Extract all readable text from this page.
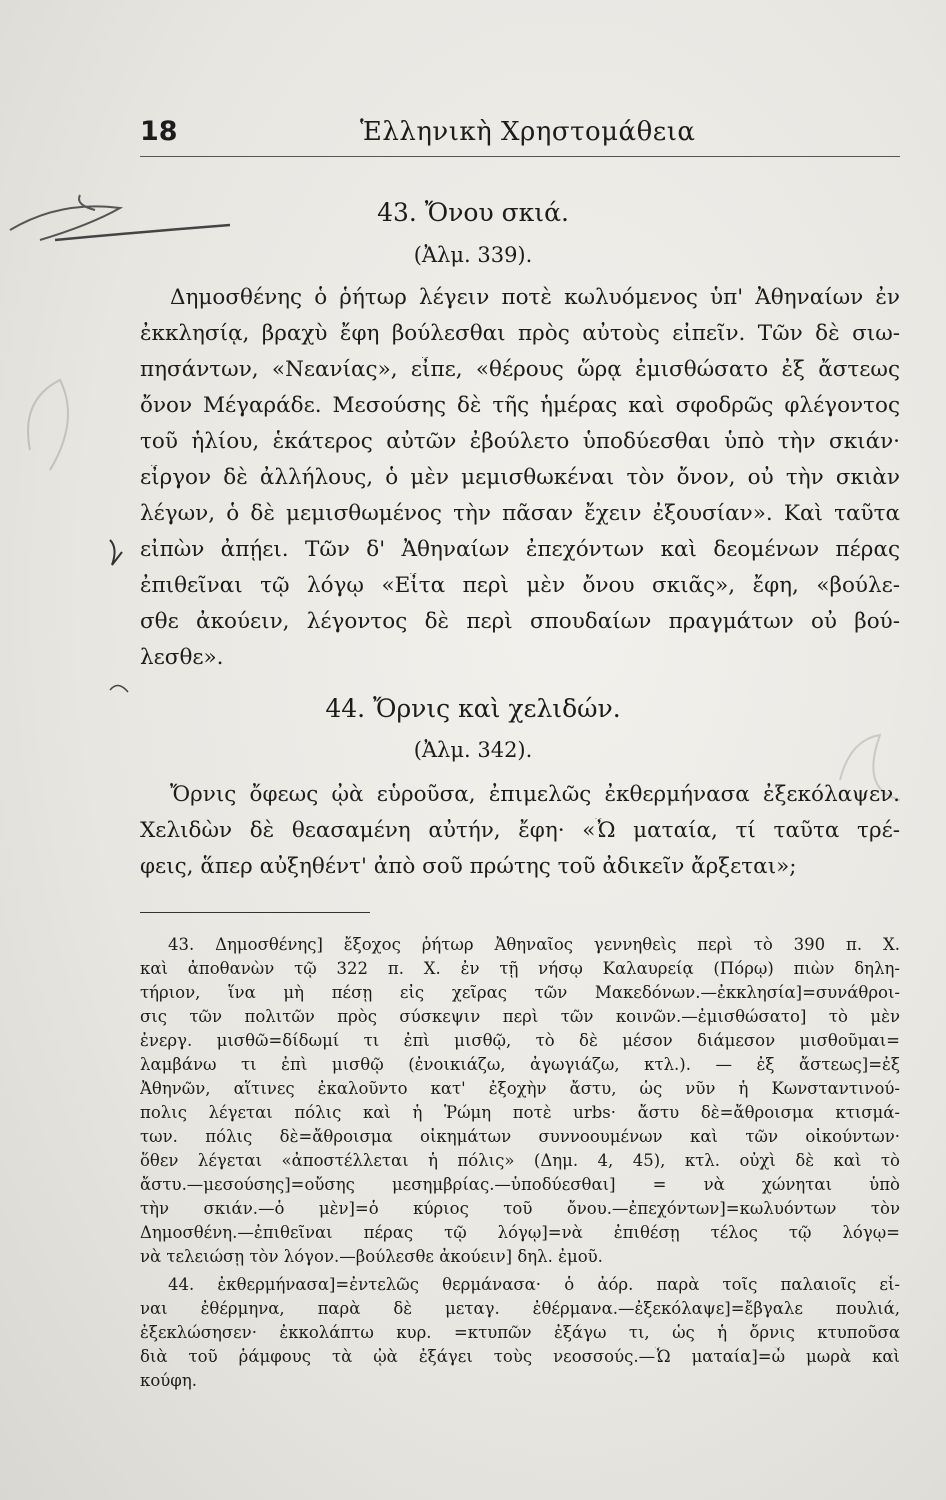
18	Ἑλληνικὴ Χρηστομάθεια
43. Ὄνου σκιά.
(Ἀλμ. 339).
Δημοσθένης ὁ ῥήτωρ λέγειν ποτὲ κωλυόμενος ὑπ' Ἀθηναίων ἐν
ἐκκλησίᾳ, βραχὺ ἔφη βούλεσθαι πρὸς αὐτοὺς εἰπεῖν. Τῶν δὲ σιω-
πησάντων, «Νεανίας», εἶπε, «θέρους ὥρᾳ ἐμισθώσατο ἐξ ἄστεως
ὄνον Μέγαράδε. Μεσούσης δὲ τῆς ἡμέρας καὶ σφοδρῶς φλέγοντος
τοῦ ἡλίου, ἑκάτερος αὐτῶν ἐβούλετο ὑποδύεσθαι ὑπὸ τὴν σκιάν·
εἶργον δὲ ἀλλήλους, ὁ μὲν μεμισθωκέναι τὸν ὄνον, οὐ τὴν σκιὰν
λέγων, ὁ δὲ μεμισθωμένος τὴν πᾶσαν ἔχειν ἐξουσίαν». Καὶ ταῦτα
εἰπὼν ἀπῄει. Τῶν δ' Ἀθηναίων ἐπεχόντων καὶ δεομένων πέρας
ἐπιθεῖναι τῷ λόγῳ «Εἶτα περὶ μὲν ὄνου σκιᾶς», ἔφη, «βούλε-
σθε ἀκούειν, λέγοντος δὲ περὶ σπουδαίων πραγμάτων οὐ βού-
λεσθε».
44. Ὄρνις καὶ χελιδών.
(Ἀλμ. 342).
Ὄρνις ὄφεως ᾠὰ εὑροῦσα, ἐπιμελῶς ἐκθερμήνασα ἐξεκόλαψεν.
Χελιδὼν δὲ θεασαμένη αὐτήν, ἔφη· «Ὦ ματαία, τί ταῦτα τρέ-
φεις, ἅπερ αὐξηθέντ' ἀπὸ σοῦ πρώτης τοῦ ἀδικεῖν ἄρξεται»;
43. Δημοσθένης] ἔξοχος ῥήτωρ Ἀθηναῖος γεννηθεὶς περὶ τὸ 390 π. Χ.
καὶ ἀποθανὼν τῷ 322 π. Χ. ἐν τῇ νήσῳ Καλαυρείᾳ (Πόρῳ) πιὼν δηλη-
τήριον, ἵνα μὴ πέσῃ εἰς χεῖρας τῶν Μακεδόνων.—ἐκκλησία]=συνάθροι-
σις τῶν πολιτῶν πρὸς σύσκεψιν περὶ τῶν κοινῶν.—ἐμισθώσατο] τὸ μὲν
ἐνεργ. μισθῶ=δίδωμί τι ἐπὶ μισθῷ, τὸ δὲ μέσον διάμεσον μισθοῦμαι=
λαμβάνω τι ἐπὶ μισθῷ (ἐνοικιάζω, ἀγωγιάζω, κτλ.). — ἐξ ἄστεως]=ἐξ
Ἀθηνῶν, αἵτινες ἐκαλοῦντο κατ' ἐξοχὴν ἄστυ, ὡς νῦν ἡ Κωνσταντινού-
πολις λέγεται πόλις καὶ ἡ Ῥώμη ποτὲ urbs· ἄστυ δὲ=ἄθροισμα κτισμά-
των. πόλις δὲ=ἄθροισμα οἰκημάτων συννοουμένων καὶ τῶν οἰκούντων·
ὅθεν λέγεται «ἀποστέλλεται ἡ πόλις» (Δημ. 4, 45), κτλ. οὐχὶ δὲ καὶ τὸ
ἄστυ.—μεσούσης]=οὔσης μεσημβρίας.—ὑποδύεσθαι] = νὰ χώνηται ὑπὸ
τὴν σκιάν.—ὁ μὲν]=ὁ κύριος τοῦ ὄνου.—ἐπεχόντων]=κωλυόντων τὸν
Δημοσθένη.—ἐπιθεῖναι πέρας τῷ λόγῳ]=νὰ ἐπιθέσῃ τέλος τῷ λόγῳ=
νὰ τελειώσῃ τὸν λόγον.—βούλεσθε ἀκούειν] δηλ. ἐμοῦ.
44. ἐκθερμήνασα]=ἐντελῶς θερμάνασα· ὁ ἀόρ. παρὰ τοῖς παλαιοῖς εἶ-
ναι ἐθέρμηνα, παρὰ δὲ μεταγ. ἐθέρμανα.—ἐξεκόλαψε]=ἔβγαλε πουλιά,
ἐξεκλώσησεν· ἐκκολάπτω κυρ. =κτυπῶν ἐξάγω τι, ὡς ἡ ὄρνις κτυποῦσα
διὰ τοῦ ῥάμφους τὰ ᾠὰ ἐξάγει τοὺς νεοσσούς.—Ὦ ματαία]=ὦ μωρὰ καὶ
κούφη.
